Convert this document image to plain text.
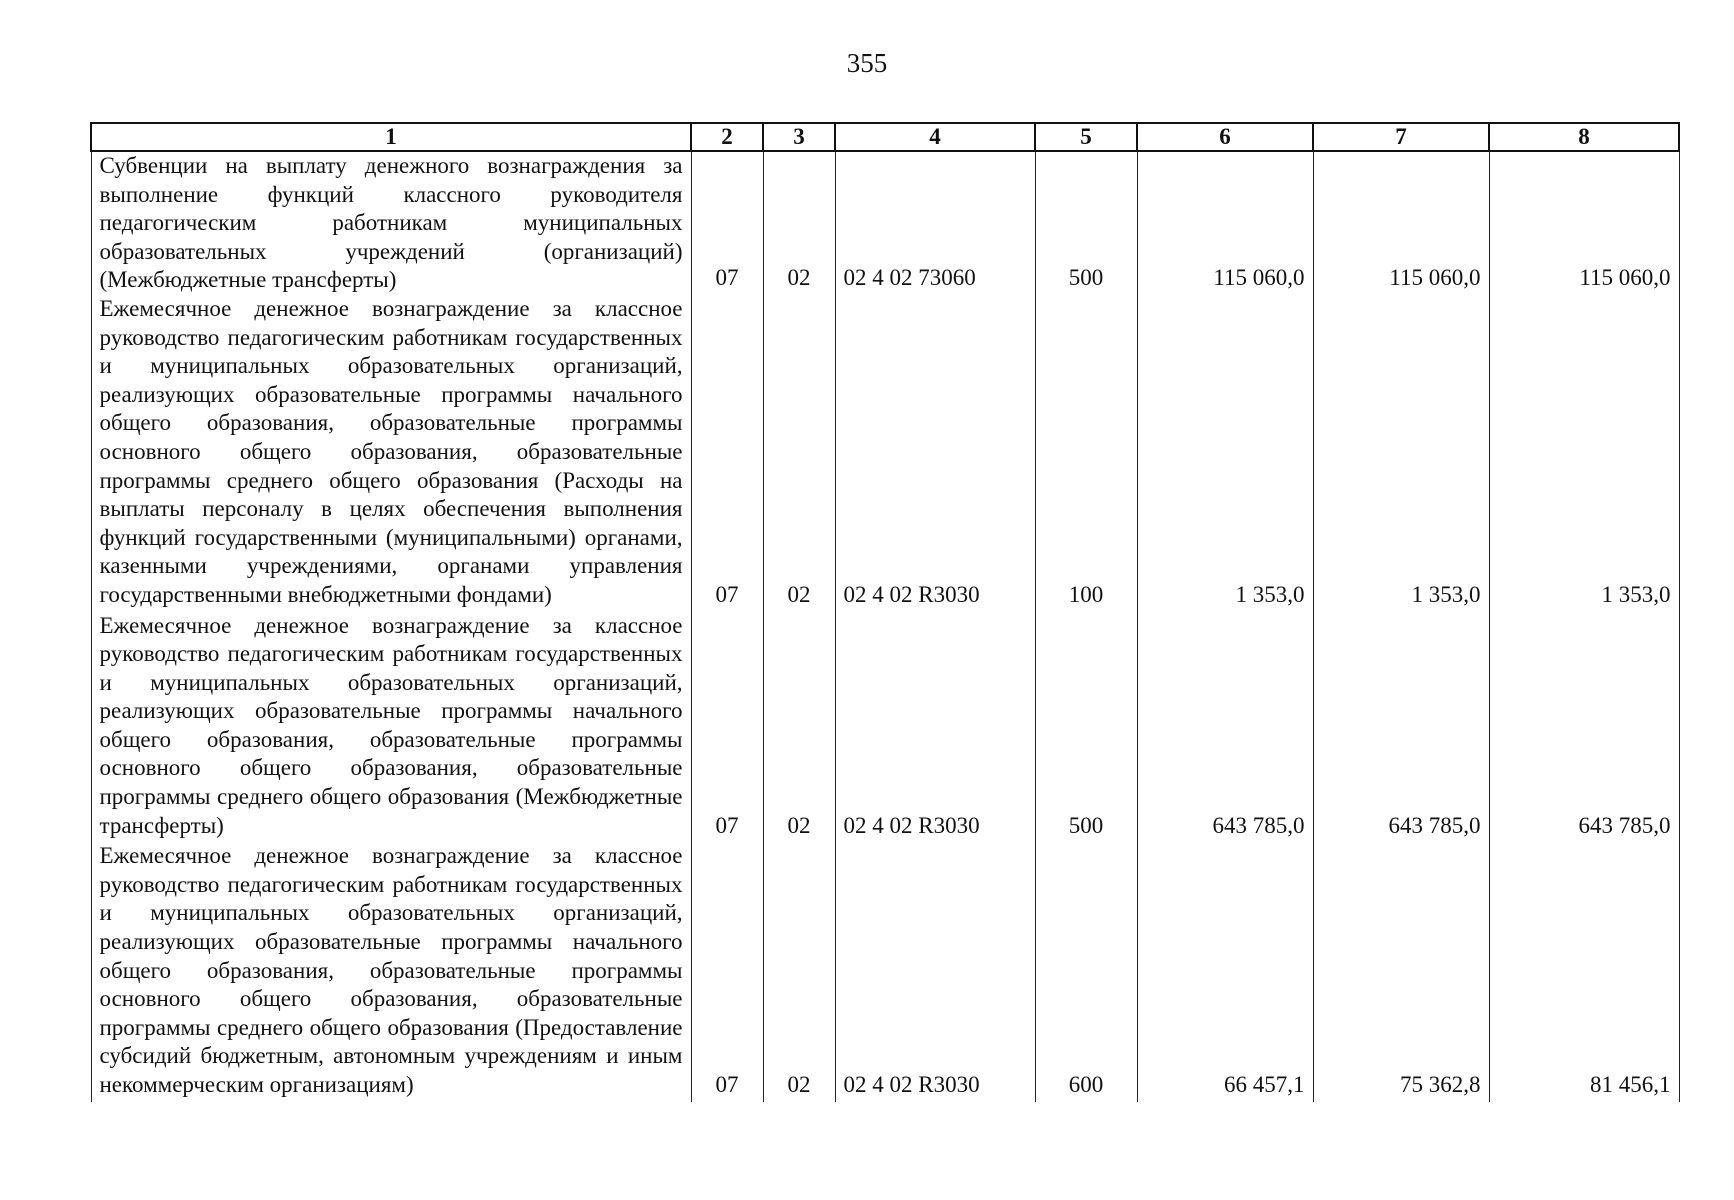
355
1	2	3	4	5	6	7	8
Субвенции на выплату денежного вознаграждения за выполнение функций классного руководителя педагогическим работникам муниципальных образовательных учреждений (организаций) (Межбюджетные трансферты)	07	02	02 4 02 73060	500	115 060,0	115 060,0	115 060,0
Ежемесячное денежное вознаграждение за классное руководство педагогическим работникам государственных и муниципальных образовательных организаций, реализующих образовательные программы начального общего образования, образовательные программы основного общего образования, образовательные программы среднего общего образования (Расходы на выплаты персоналу в целях обеспечения выполнения функций государственными (муниципальными) органами, казенными учреждениями, органами управления государственными внебюджетными фондами)	07	02	02 4 02 R3030	100	1 353,0	1 353,0	1 353,0
Ежемесячное денежное вознаграждение за классное руководство педагогическим работникам государственных и муниципальных образовательных организаций, реализующих образовательные программы начального общего образования, образовательные программы основного общего образования, образовательные программы среднего общего образования (Межбюджетные трансферты)	07	02	02 4 02 R3030	500	643 785,0	643 785,0	643 785,0
Ежемесячное денежное вознаграждение за классное руководство педагогическим работникам государственных и муниципальных образовательных организаций, реализующих образовательные программы начального общего образования, образовательные программы основного общего образования, образовательные программы среднего общего образования (Предоставление субсидий бюджетным, автономным учреждениям и иным некоммерческим организациям)	07	02	02 4 02 R3030	600	66 457,1	75 362,8	81 456,1
